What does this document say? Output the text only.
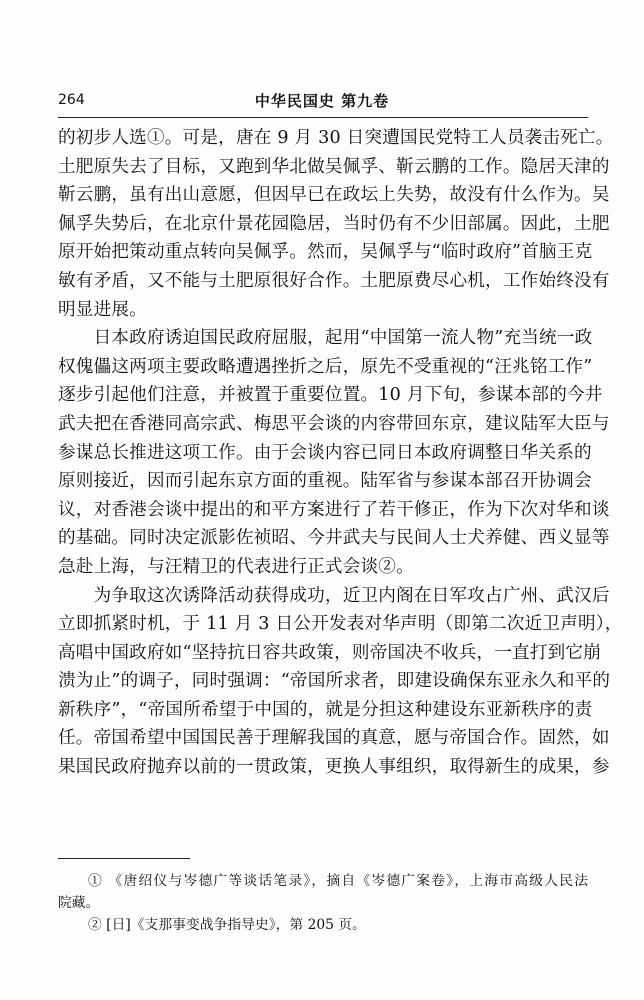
264	中华民国史 第九卷
的初步人选①。可是，唐在 9 月 30 日突遭国民党特工人员袭击死亡。
土肥原失去了目标，又跑到华北做吴佩孚、靳云鹏的工作。隐居天津的
靳云鹏，虽有出山意愿，但因早已在政坛上失势，故没有什么作为。吴
佩孚失势后，在北京什景花园隐居，当时仍有不少旧部属。因此，土肥
原开始把策动重点转向吴佩孚。然而，吴佩孚与“临时政府”首脑王克
敏有矛盾，又不能与土肥原很好合作。土肥原费尽心机，工作始终没有
明显进展。
　　日本政府诱迫国民政府屈服，起用“中国第一流人物”充当统一政
权傀儡这两项主要政略遭遇挫折之后，原先不受重视的“汪兆铭工作”
逐步引起他们注意，并被置于重要位置。10 月下旬，参谋本部的今井
武夫把在香港同高宗武、梅思平会谈的内容带回东京，建议陆军大臣与
参谋总长推进这项工作。由于会谈内容已同日本政府调整日华关系的
原则接近，因而引起东京方面的重视。陆军省与参谋本部召开协调会
议，对香港会谈中提出的和平方案进行了若干修正，作为下次对华和谈
的基础。同时决定派影佐祯昭、今井武夫与民间人士犬养健、西义显等
急赴上海，与汪精卫的代表进行正式会谈②。
　　为争取这次诱降活动获得成功，近卫内阁在日军攻占广州、武汉后
立即抓紧时机，于 11 月 3 日公开发表对华声明（即第二次近卫声明），
高唱中国政府如“坚持抗日容共政策，则帝国决不收兵，一直打到它崩
溃为止”的调子，同时强调：“帝国所求者，即建设确保东亚永久和平的
新秩序”，“帝国所希望于中国的，就是分担这种建设东亚新秩序的责
任。帝国希望中国国民善于理解我国的真意，愿与帝国合作。固然，如
果国民政府抛弃以前的一贯政策，更换人事组织，取得新生的成果，参
① 《唐绍仪与岑德广等谈话笔录》，摘自《岑德广案卷》，上海市高级人民法
院藏。
② [日]《支那事变战争指导史》，第 205 页。
